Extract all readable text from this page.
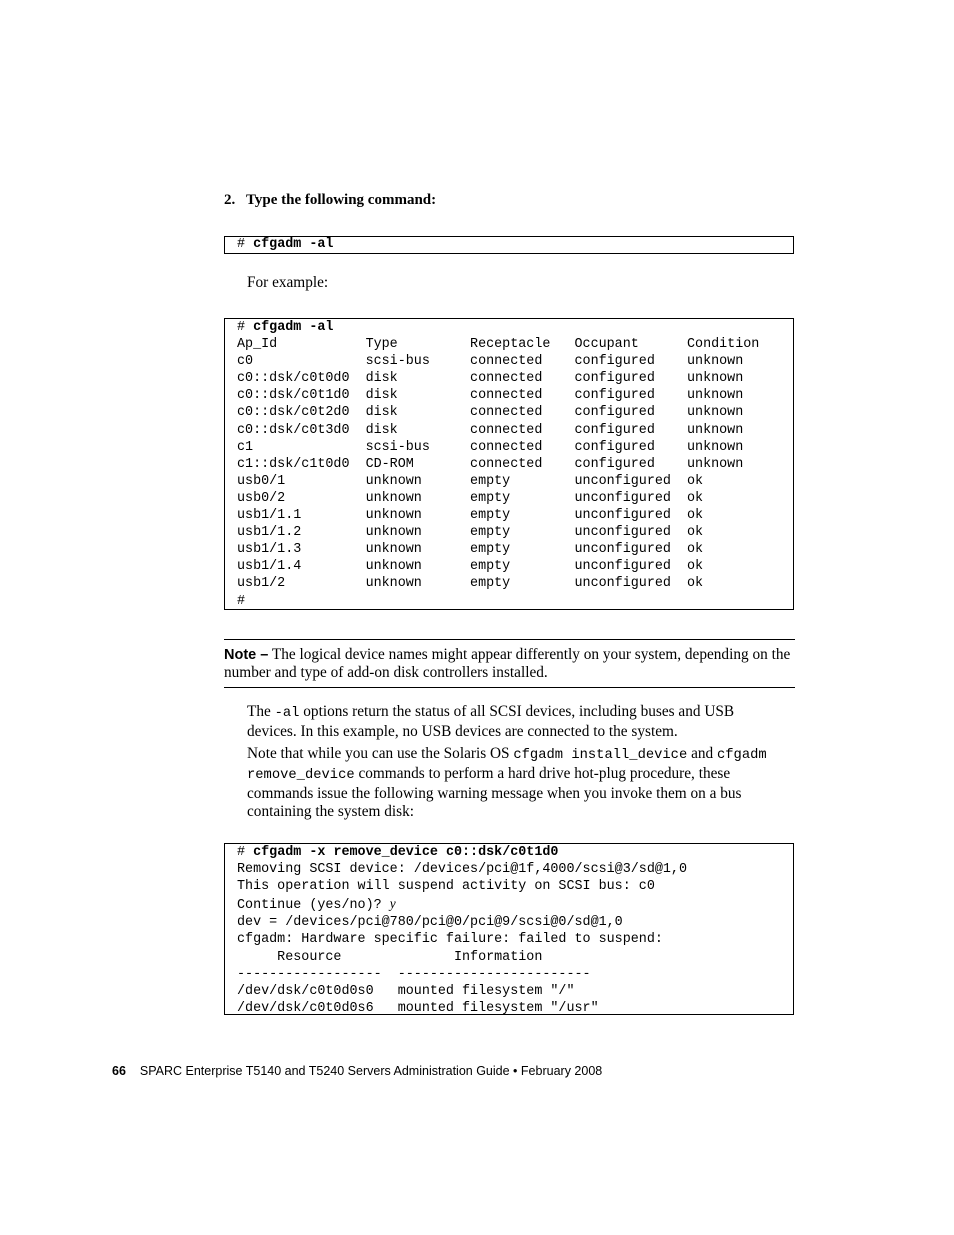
2. Type the following command:
# cfgadm -al
For example:
# cfgadm -al
Ap_Id           Type         Receptacle   Occupant      Condition
c0              scsi-bus     connected    configured    unknown
c0::dsk/c0t0d0  disk         connected    configured    unknown
c0::dsk/c0t1d0  disk         connected    configured    unknown
c0::dsk/c0t2d0  disk         connected    configured    unknown
c0::dsk/c0t3d0  disk         connected    configured    unknown
c1              scsi-bus     connected    configured    unknown
c1::dsk/c1t0d0  CD-ROM       connected    configured    unknown
usb0/1          unknown      empty        unconfigured  ok
usb0/2          unknown      empty        unconfigured  ok
usb1/1.1        unknown      empty        unconfigured  ok
usb1/1.2        unknown      empty        unconfigured  ok
usb1/1.3        unknown      empty        unconfigured  ok
usb1/1.4        unknown      empty        unconfigured  ok
usb1/2          unknown      empty        unconfigured  ok
#
Note – The logical device names might appear differently on your system, depending on the number and type of add-on disk controllers installed.
The -al options return the status of all SCSI devices, including buses and USB devices. In this example, no USB devices are connected to the system.
Note that while you can use the Solaris OS cfgadm install_device and cfgadm remove_device commands to perform a hard drive hot-plug procedure, these commands issue the following warning message when you invoke them on a bus containing the system disk:
# cfgadm -x remove_device c0::dsk/c0t1d0
Removing SCSI device: /devices/pci@1f,4000/scsi@3/sd@1,0
This operation will suspend activity on SCSI bus: c0
Continue (yes/no)? y
dev = /devices/pci@780/pci@0/pci@9/scsi@0/sd@1,0
cfgadm: Hardware specific failure: failed to suspend:
Resource              Information
------------------  ------------------------
/dev/dsk/c0t0d0s0   mounted filesystem "/"
/dev/dsk/c0t0d0s6   mounted filesystem "/usr"
66 SPARC Enterprise T5140 and T5240 Servers Administration Guide • February 2008
